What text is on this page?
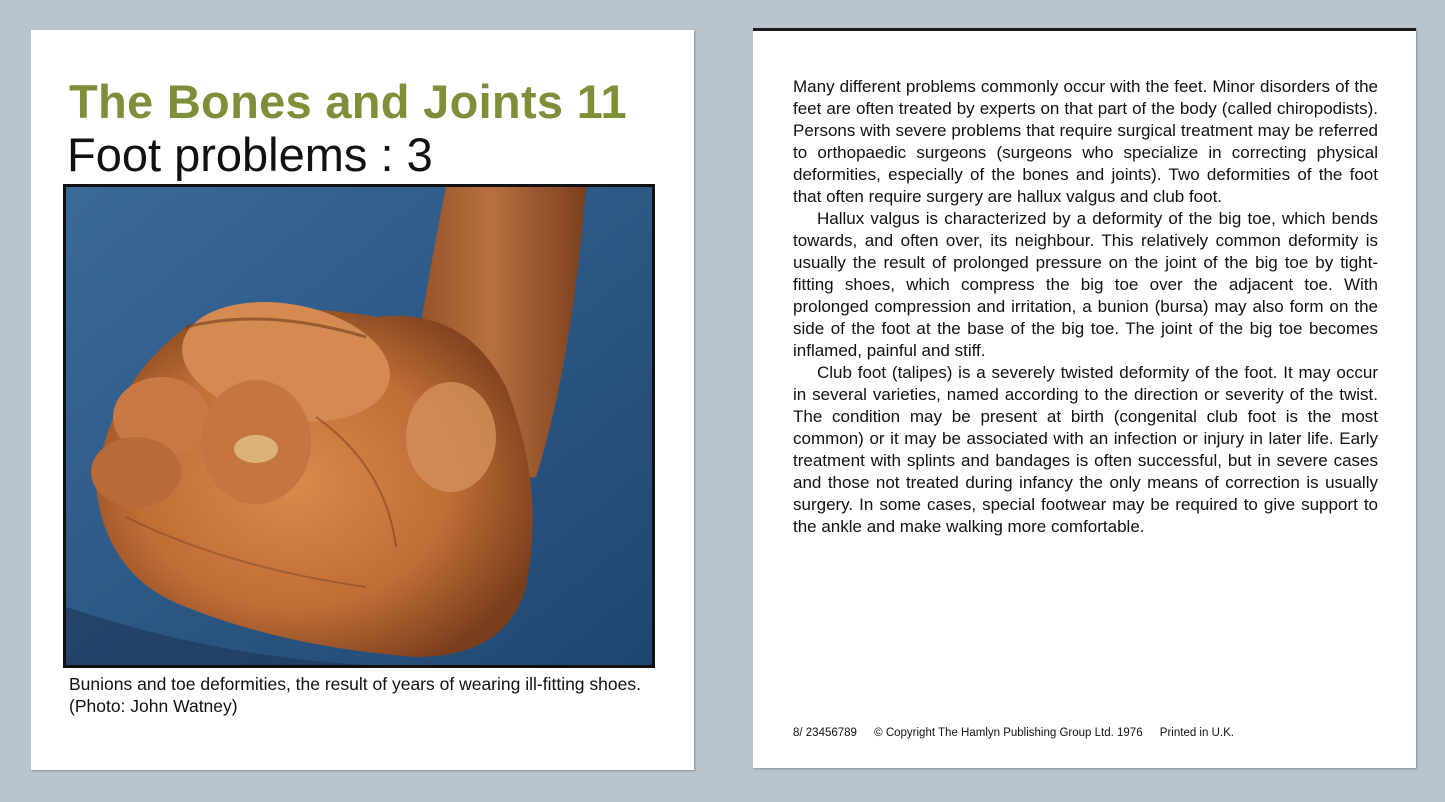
The Bones and Joints 11
Foot problems : 3
Bunions and toe deformities, the result of years of wearing ill-fitting shoes. (Photo: John Watney)

Many different problems commonly occur with the feet. Minor disorders of the feet are often treated by experts on that part of the body (called chiropodists). Persons with severe problems that require surgical treatment may be referred to orthopaedic surgeons (surgeons who specialize in correcting physical deformities, especially of the bones and joints). Two deformities of the foot that often require surgery are hallux valgus and club foot.

Hallux valgus is characterized by a deformity of the big toe, which bends towards, and often over, its neighbour. This relatively common deformity is usually the result of prolonged pressure on the joint of the big toe by tight-fitting shoes, which compress the big toe over the adjacent toe. With prolonged compression and irritation, a bunion (bursa) may also form on the side of the foot at the base of the big toe. The joint of the big toe becomes inflamed, painful and stiff.

Club foot (talipes) is a severely twisted deformity of the foot. It may occur in several varieties, named according to the direction or severity of the twist. The condition may be present at birth (congenital club foot is the most common) or it may be associated with an infection or injury in later life. Early treatment with splints and bandages is often successful, but in severe cases and those not treated during infancy the only means of correction is usually surgery. In some cases, special footwear may be required to give support to the ankle and make walking more comfortable.

8/ 23456789 © Copyright The Hamlyn Publishing Group Ltd. 1976 Printed in U.K.
